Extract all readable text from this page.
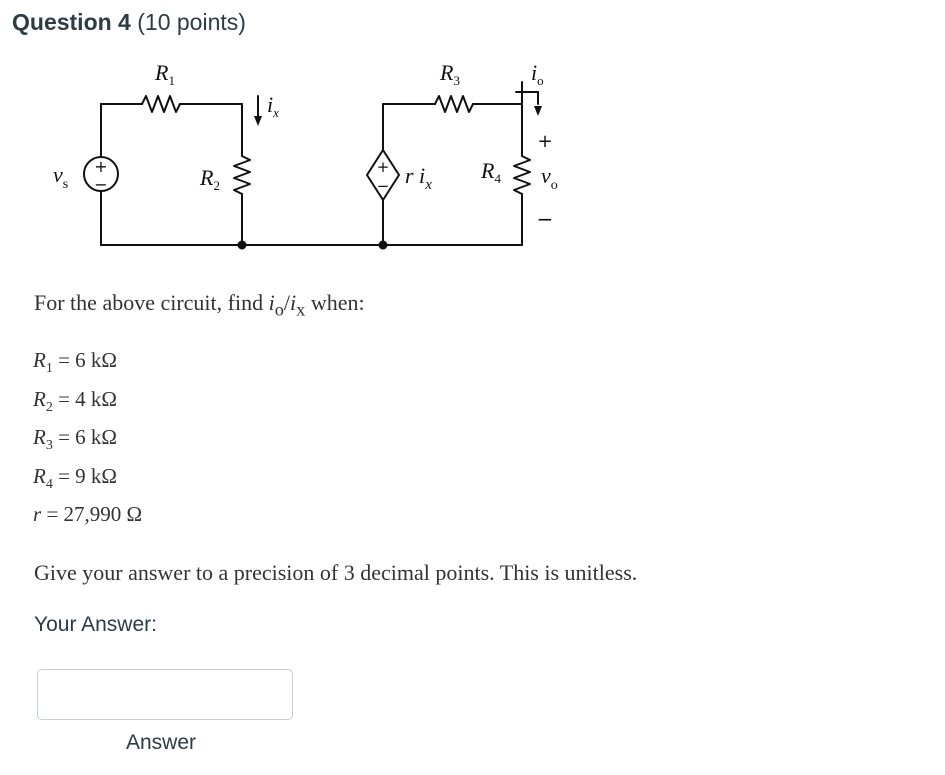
Question 4 (10 points)
+
−
+
−
+
−
$R_1$
$R_2$
$R_3$
$R_4$
$v_s$
$i_x$
$i_o$
r $i_x$	$v_o$
For the above circuit, find $i_o/i_x$ when:
$R_1 = 6$ kΩ
$R_2 = 4$ kΩ
$R_3 = 6$ kΩ
$R_4 = 9$ kΩ
r = 27,990 Ω
Give your answer to a precision of 3 decimal points. This is unitless.
Your Answer:
Answer
